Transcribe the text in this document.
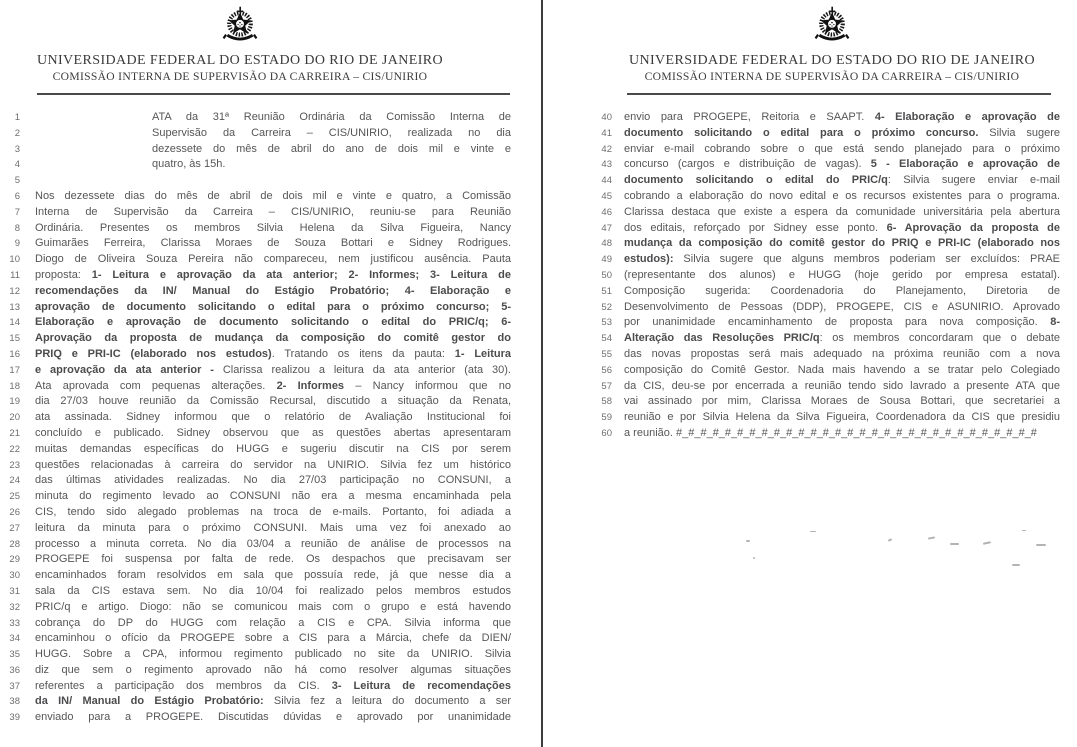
UNIVERSIDADE FEDERAL DO ESTADO DO RIO DE JANEIRO
COMISSÃO INTERNA DE SUPERVISÃO DA CARREIRA – CIS/UNIRIO
1	ATA da 31ª Reunião Ordinária da Comissão Interna de
2	Supervisão da Carreira – CIS/UNIRIO, realizada no dia
3	dezessete do mês de abril do ano de dois mil e vinte e
4	quatro, às 15h.
5
6 Nos dezessete dias do mês de abril de dois mil e vinte e quatro, a Comissão
7 Interna de Supervisão da Carreira – CIS/UNIRIO, reuniu-se para Reunião
8 Ordinária. Presentes os membros Silvia Helena da Silva Figueira, Nancy
9 Guimarães Ferreira, Clarissa Moraes de Souza Bottari e Sidney Rodrigues.
10 Diogo de Oliveira Souza Pereira não compareceu, nem justificou ausência. Pauta
11 proposta: 1- Leitura e aprovação da ata anterior; 2- Informes; 3- Leitura de
12 recomendações da IN/ Manual do Estágio Probatório; 4- Elaboração e
13 aprovação de documento solicitando o edital para o próximo concurso; 5-
14 Elaboração e aprovação de documento solicitando o edital do PRIC/q; 6-
15 Aprovação da proposta de mudança da composição do comitê gestor do
16 PRIQ e PRI-IC (elaborado nos estudos). Tratando os itens da pauta: 1- Leitura
17 e aprovação da ata anterior - Clarissa realizou a leitura da ata anterior (ata 30).
18 Ata aprovada com pequenas alterações. 2- Informes – Nancy informou que no
19 dia 27/03 houve reunião da Comissão Recursal, discutido a situação da Renata,
20 ata assinada. Sidney informou que o relatório de Avaliação Institucional foi
21 concluído e publicado. Sidney observou que as questões abertas apresentaram
22 muitas demandas específicas do HUGG e sugeriu discutir na CIS por serem
23 questões relacionadas à carreira do servidor na UNIRIO. Silvia fez um histórico
24 das últimas atividades realizadas. No dia 27/03 participação no CONSUNI, a
25 minuta do regimento levado ao CONSUNI não era a mesma encaminhada pela
26 CIS, tendo sido alegado problemas na troca de e-mails. Portanto, foi adiada a
27 leitura da minuta para o próximo CONSUNI. Mais uma vez foi anexado ao
28 processo a minuta correta. No dia 03/04 a reunião de análise de processos na
29 PROGEPE foi suspensa por falta de rede. Os despachos que precisavam ser
30 encaminhados foram resolvidos em sala que possuía rede, já que nesse dia a
31 sala da CIS estava sem. No dia 10/04 foi realizado pelos membros estudos
32 PRIC/q e artigo. Diogo: não se comunicou mais com o grupo e está havendo
33 cobrança do DP do HUGG com relação a CIS e CPA. Silvia informa que
34 encaminhou o ofício da PROGEPE sobre a CIS para a Márcia, chefe da DIEN/
35 HUGG. Sobre a CPA, informou regimento publicado no site da UNIRIO. Silvia
36 diz que sem o regimento aprovado não há como resolver algumas situações
37 referentes a participação dos membros da CIS. 3- Leitura de recomendações
38 da IN/ Manual do Estágio Probatório: Silvia fez a leitura do documento a ser
39 enviado para a PROGEPE. Discutidas dúvidas e aprovado por unanimidade
UNIVERSIDADE FEDERAL DO ESTADO DO RIO DE JANEIRO
COMISSÃO INTERNA DE SUPERVISÃO DA CARREIRA – CIS/UNIRIO
40 envio para PROGEPE, Reitoria e SAAPT. 4- Elaboração e aprovação de
41 documento solicitando o edital para o próximo concurso. Silvia sugere
42 enviar e-mail cobrando sobre o que está sendo planejado para o próximo
43 concurso (cargos e distribuição de vagas). 5 - Elaboração e aprovação de
44 documento solicitando o edital do PRIC/q: Silvia sugere enviar e-mail
45 cobrando a elaboração do novo edital e os recursos existentes para o programa.
46 Clarissa destaca que existe a espera da comunidade universitária pela abertura
47 dos editais, reforçado por Sidney esse ponto. 6- Aprovação da proposta de
48 mudança da composição do comitê gestor do PRIQ e PRI-IC (elaborado nos
49 estudos): Silvia sugere que alguns membros poderiam ser excluídos: PRAE
50 (representante dos alunos) e HUGG (hoje gerido por empresa estatal).
51 Composição sugerida: Coordenadoria do Planejamento, Diretoria de
52 Desenvolvimento de Pessoas (DDP), PROGEPE, CIS e ASUNIRIO. Aprovado
53 por unanimidade encaminhamento de proposta para nova composição. 8-
54 Alteração das Resoluções PRIC/q: os membros concordaram que o debate
55 das novas propostas será mais adequado na próxima reunião com a nova
56 composição do Comitê Gestor. Nada mais havendo a se tratar pelo Colegiado
57 da CIS, deu-se por encerrada a reunião tendo sido lavrado a presente ATA que
58 vai assinado por mim, Clarissa Moraes de Sousa Bottari, que secretariei a
59 reunião e por Silvia Helena da Silva Figueira, Coordenadora da CIS que presidiu
60 a reunião. #_#_#_#_#_#_#_#_#_#_#_#_#_#_#_#_#_#_#_#_#_#_#_#_#_#_#_#_#_#
